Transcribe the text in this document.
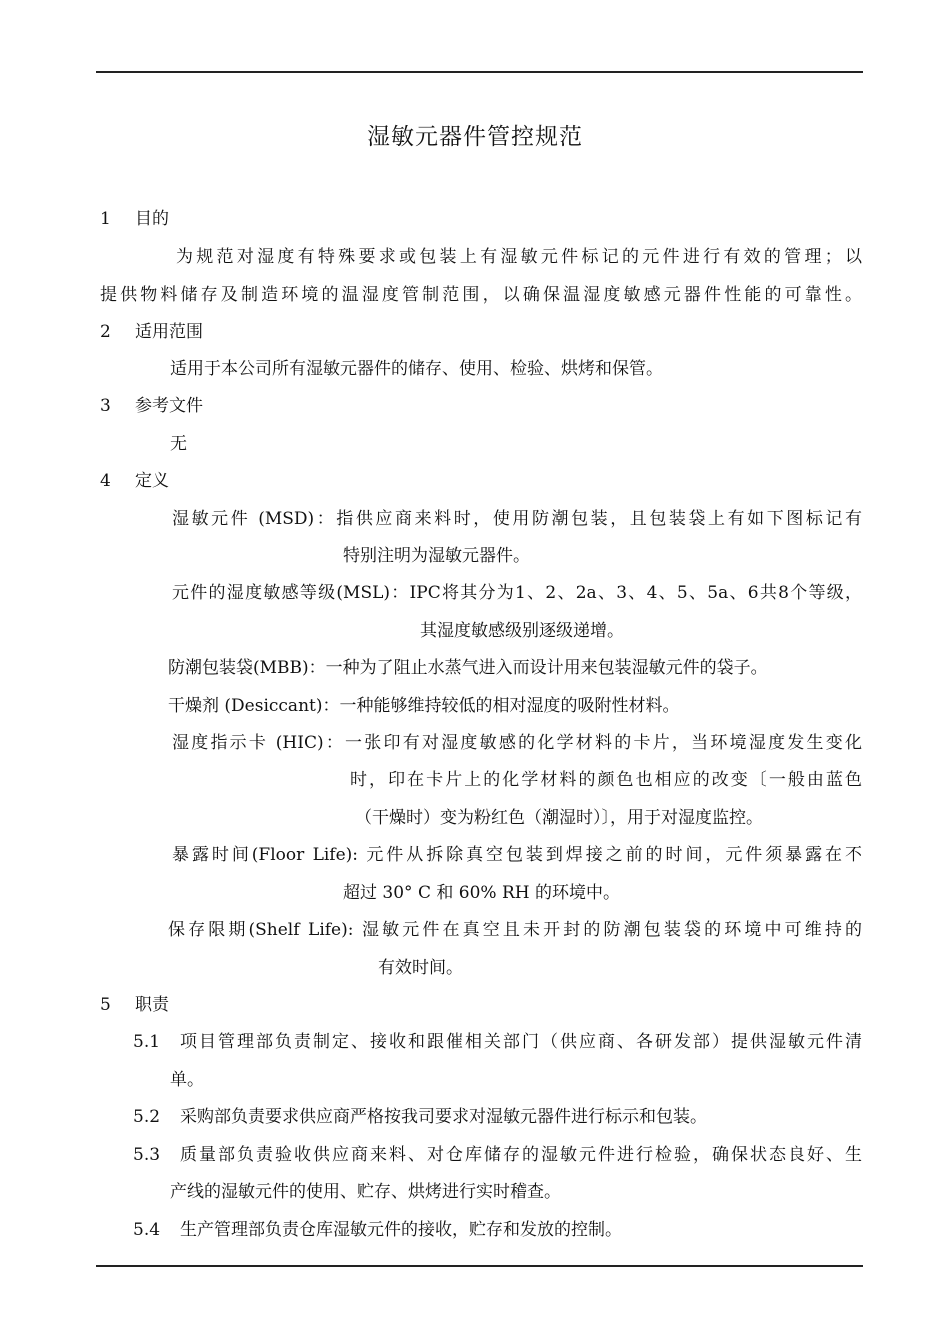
湿敏元器件管控规范
1 目的
为规范对湿度有特殊要求或包装上有湿敏元件标记的元件进行有效的管理；以
提供物料储存及制造环境的温湿度管制范围，以确保温湿度敏感元器件性能的可靠性。
2 适用范围
适用于本公司所有湿敏元器件的储存、使用、检验、烘烤和保管。
3 参考文件
无
4 定义
湿敏元件 (MSD)：指供应商来料时，使用防潮包装，且包装袋上有如下图标记有
特别注明为湿敏元器件。
元件的湿度敏感等级(MSL)：IPC将其分为1、2、2a、3、4、5、5a、6共8个等级，
其湿度敏感级别逐级递增。
防潮包装袋(MBB)：一种为了阻止水蒸气进入而设计用来包装湿敏元件的袋子。
干燥剂 (Desiccant)：一种能够维持较低的相对湿度的吸附性材料。
湿度指示卡 (HIC)：一张印有对湿度敏感的化学材料的卡片，当环境湿度发生变化
时，印在卡片上的化学材料的颜色也相应的改变〔一般由蓝色
（干燥时）变为粉红色（潮湿时）〕，用于对湿度监控。
暴露时间(Floor Life): 元件从拆除真空包装到焊接之前的时间，元件须暴露在不
超过 30° C 和 60% RH 的环境中。
保存限期(Shelf Life): 湿敏元件在真空且未开封的防潮包装袋的环境中可维持的
有效时间。
5 职责
5.1 项目管理部负责制定、接收和跟催相关部门（供应商、各研发部）提供湿敏元件清
单。
5.2 采购部负责要求供应商严格按我司要求对湿敏元器件进行标示和包装。
5.3 质量部负责验收供应商来料、对仓库储存的湿敏元件进行检验，确保状态良好、生
产线的湿敏元件的使用、贮存、烘烤进行实时稽查。
5.4 生产管理部负责仓库湿敏元件的接收，贮存和发放的控制。
